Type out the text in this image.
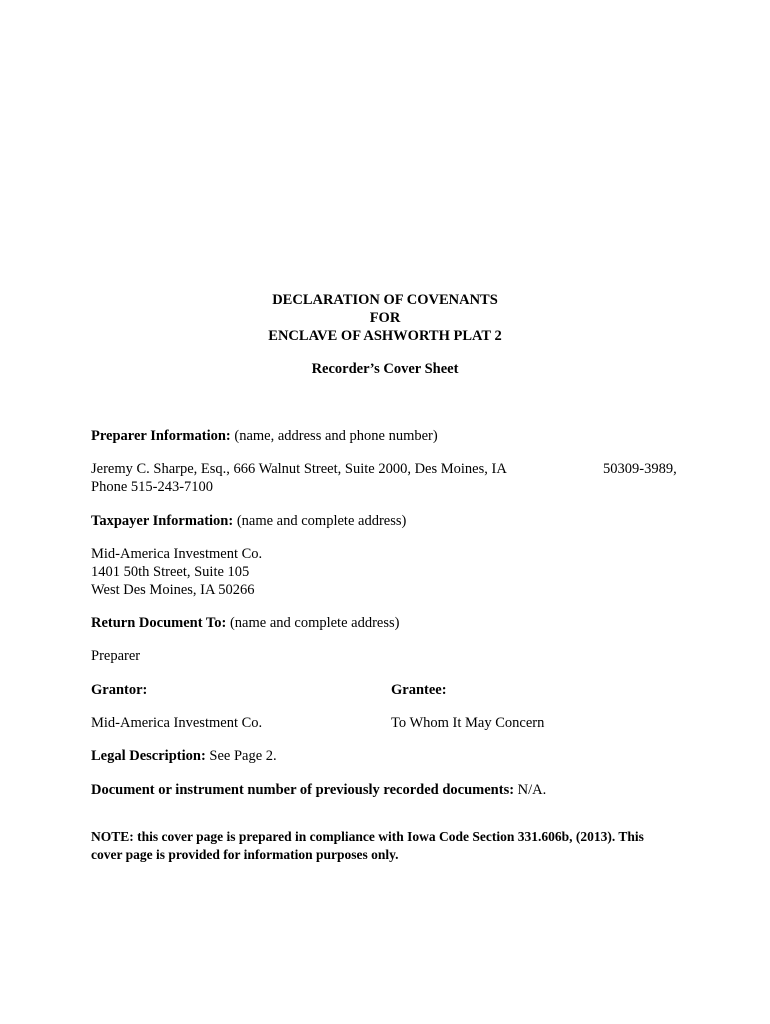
DECLARATION OF COVENANTS
FOR
ENCLAVE OF ASHWORTH PLAT 2
Recorder’s Cover Sheet
Preparer Information: (name, address and phone number)
Jeremy C. Sharpe, Esq., 666 Walnut Street, Suite 2000, Des Moines, IA	50309-3989,
Phone 515-243-7100
Taxpayer Information: (name and complete address)
Mid-America Investment Co.
1401 50th Street, Suite 105
West Des Moines, IA 50266
Return Document To: (name and complete address)
Preparer
Grantor:	Grantee:
Mid-America Investment Co.	To Whom It May Concern
Legal Description: See Page 2.
Document or instrument number of previously recorded documents: N/A.
NOTE: this cover page is prepared in compliance with Iowa Code Section 331.606b, (2013). This
cover page is provided for information purposes only.
